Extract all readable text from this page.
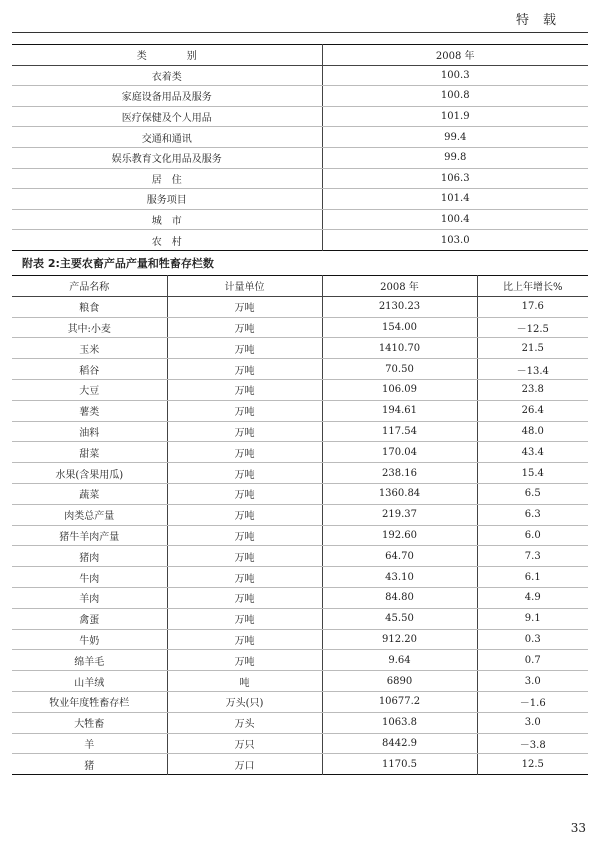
特载
类　　　　别	2008 年
衣着类	100.3
家庭设备用品及服务	100.8
医疗保健及个人用品	101.9
交通和通讯	99.4
娱乐教育文化用品及服务	99.8
居　住	106.3
服务项目	101.4
城　市	100.4
农　村	103.0
附表 2:主要农畜产品产量和牲畜存栏数
产品名称	计量单位	2008 年	比上年增长%
粮食	万吨	2130.23	17.6
其中:小麦	万吨	154.00	－12.5
玉米	万吨	1410.70	21.5
稻谷	万吨	70.50	－13.4
大豆	万吨	106.09	23.8
薯类	万吨	194.61	26.4
油料	万吨	117.54	48.0
甜菜	万吨	170.04	43.4
水果(含果用瓜)	万吨	238.16	15.4
蔬菜	万吨	1360.84	6.5
肉类总产量	万吨	219.37	6.3
猪牛羊肉产量	万吨	192.60	6.0
猪肉	万吨	64.70	7.3
牛肉	万吨	43.10	6.1
羊肉	万吨	84.80	4.9
禽蛋	万吨	45.50	9.1
牛奶	万吨	912.20	0.3
绵羊毛	万吨	9.64	0.7
山羊绒	吨	6890	3.0
牧业年度牲畜存栏	万头(只)	10677.2	－1.6
大牲畜	万头	1063.8	3.0
羊	万只	8442.9	－3.8
猪	万口	1170.5	12.5
33
